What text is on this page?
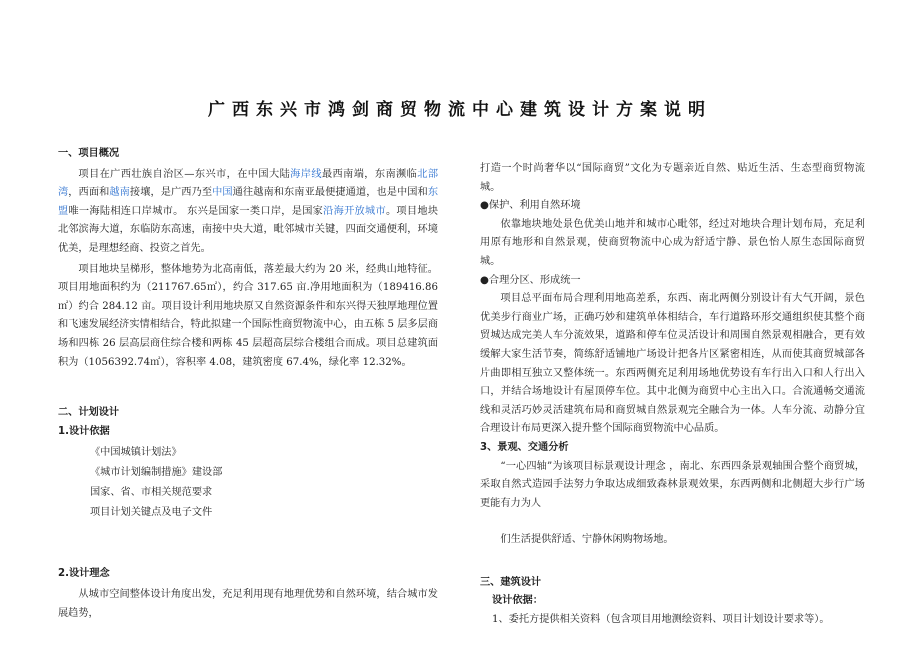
广西东兴市鸿剑商贸物流中心建筑设计方案说明

一、项目概况

项目在广西壮族自治区—东兴市，在中国大陆海岸线最西南端，东南濒临北部湾，西面和越南接壤，是广西乃至中国通往越南和东南亚最便捷通道，也是中国和东盟唯一海陆相连口岸城市。 东兴是国家一类口岸，是国家沿海开放城市。项目地块北邻滨海大道，东临防东高速，南接中央大道，毗邻城市关键，四面交通便利，环境优美，是理想经商、投资之首先。

项目地块呈梯形，整体地势为北高南低，落差最大约为 20 米，经典山地特征。项目用地面积约为（211767.65㎡），约合 317.65 亩.净用地面积为（189416.86㎡）约合 284.12 亩。项目设计利用地块原又自然资源条件和东兴得天独厚地理位置和飞速发展经济实情相结合，特此拟建一个国际性商贸物流中心，由五栋 5 层多层商场和四栋 26 层高层商住综合楼和两栋 45 层超高层综合楼组合而成。项目总建筑面积为（1056392.74㎡），容积率 4.08，建筑密度 67.4%，绿化率 12.32%。

二、计划设计

1.设计依据

《中国城镇计划法》

《城市计划编制措施》建设部

国家、省、市相关规范要求

项目计划关键点及电子文件

2.设计理念

从城市空间整体设计角度出发，充足利用现有地理优势和自然环境，结合城市发展趋势，

打造一个时尚奢华以“国际商贸”文化为专题亲近自然、贴近生活、生态型商贸物流城。

●保护、利用自然环境

依靠地块地处景色优美山地并和城市心毗邻，经过对地块合理计划布局，充足利用原有地形和自然景观，使商贸物流中心成为舒适宁静、景色怡人原生态国际商贸城。

●合理分区、形成统一

项目总平面布局合理利用地高差系，东西、南北两侧分别设计有大气开阔，景色优美步行商业广场，正确巧妙和建筑单体相结合，车行道路环形交通组织使其整个商贸城达成完美人车分流效果，道路和停车位灵活设计和周围自然景观相融合，更有效缓解大家生活节奏，简练舒适铺地广场设计把各片区紧密相连，从而使其商贸城部各片曲即相互独立又整体统一。东西两侧充足利用场地优势设有车行出入口和人行出入口，并结合场地设计有屋顶停车位。其中北侧为商贸中心主出入口。合流通畅交通流线和灵活巧妙灵活建筑布局和商贸城自然景观完全融合为一体。人车分流、动静分宜合理设计布局更深入提升整个国际商贸物流中心品质。

3、景观、交通分析

“一心四轴”为该项目标景观设计理念 ，南北、东西四条景观轴围合整个商贸城，采取自然式造园手法努力争取达成细致森林景观效果，东西两侧和北侧超大步行广场更能有力为人

们生活提供舒适、宁静休闲购物场地。

三、建筑设计

设计依据：

1、委托方提供相关资料（包含项目用地测绘资料、项目计划设计要求等）。
